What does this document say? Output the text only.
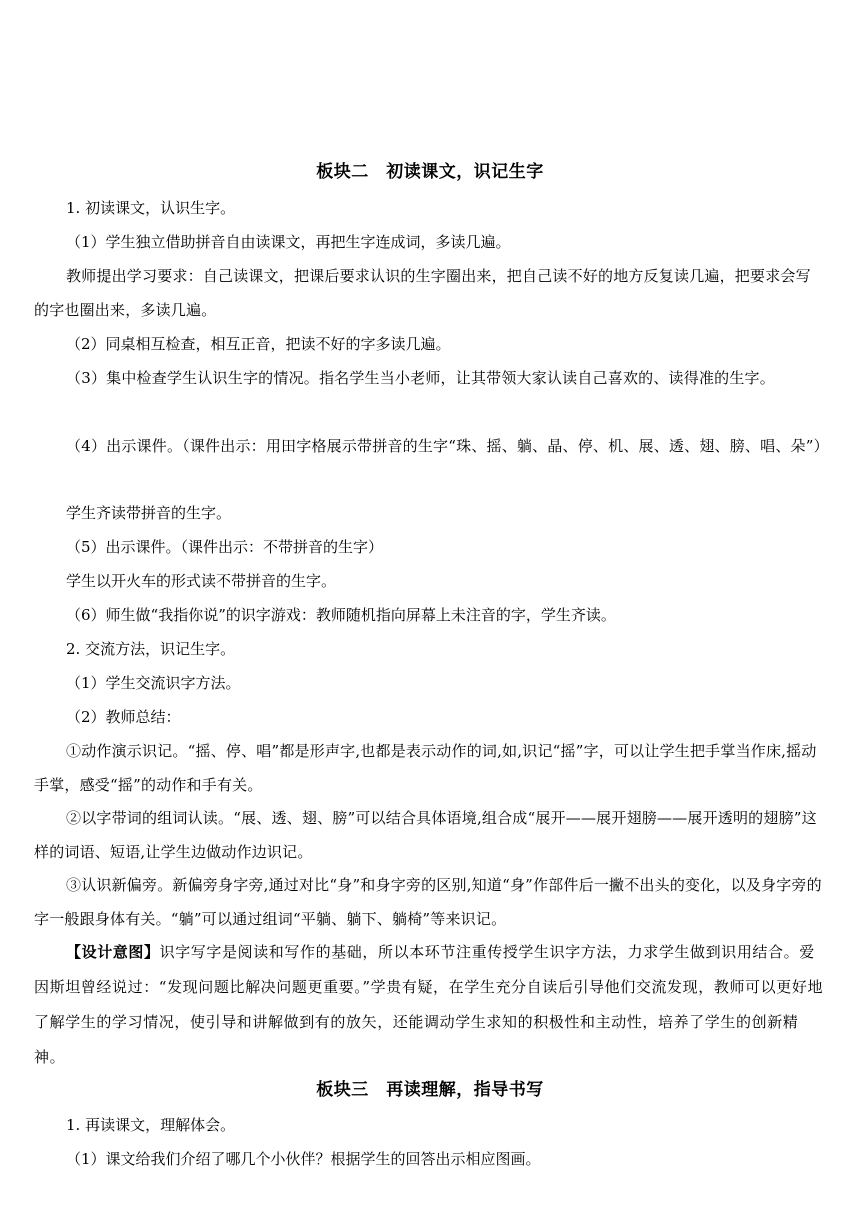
板块二　初读课文，识记生字

1. 初读课文，认识生字。

（1）学生独立借助拼音自由读课文，再把生字连成词，多读几遍。

教师提出学习要求：自己读课文，把课后要求认识的生字圈出来，把自己读不好的地方反复读几遍，把要求会写的字也圈出来，多读几遍。

（2）同桌相互检查，相互正音，把读不好的字多读几遍。

（3）集中检查学生认识生字的情况。指名学生当小老师，让其带领大家认读自己喜欢的、读得准的生字。

（4）出示课件。（课件出示：用田字格展示带拼音的生字“珠、摇、躺、晶、停、机、展、透、翅、膀、唱、朵”）

学生齐读带拼音的生字。

（5）出示课件。（课件出示：不带拼音的生字）

学生以开火车的形式读不带拼音的生字。

（6）师生做“我指你说”的识字游戏：教师随机指向屏幕上未注音的字，学生齐读。

2. 交流方法，识记生字。

（1）学生交流识字方法。

（2）教师总结：

①动作演示识记。“摇、停、唱”都是形声字,也都是表示动作的词,如,识记“摇”字，可以让学生把手掌当作床,摇动手掌，感受“摇”的动作和手有关。

②以字带词的组词认读。“展、透、翅、膀”可以结合具体语境,组合成“展开——展开翅膀——展开透明的翅膀”这样的词语、短语,让学生边做动作边识记。

③认识新偏旁。新偏旁身字旁,通过对比“身”和身字旁的区别,知道“身”作部件后一撇不出头的变化，以及身字旁的字一般跟身体有关。“躺”可以通过组词“平躺、躺下、躺椅”等来识记。

【设计意图】识字写字是阅读和写作的基础，所以本环节注重传授学生识字方法，力求学生做到识用结合。爱因斯坦曾经说过：“发现问题比解决问题更重要。”学贵有疑，在学生充分自读后引导他们交流发现，教师可以更好地了解学生的学习情况，使引导和讲解做到有的放矢，还能调动学生求知的积极性和主动性，培养了学生的创新精神。

板块三　再读理解，指导书写

1. 再读课文，理解体会。

（1）课文给我们介绍了哪几个小伙伴？根据学生的回答出示相应图画。
